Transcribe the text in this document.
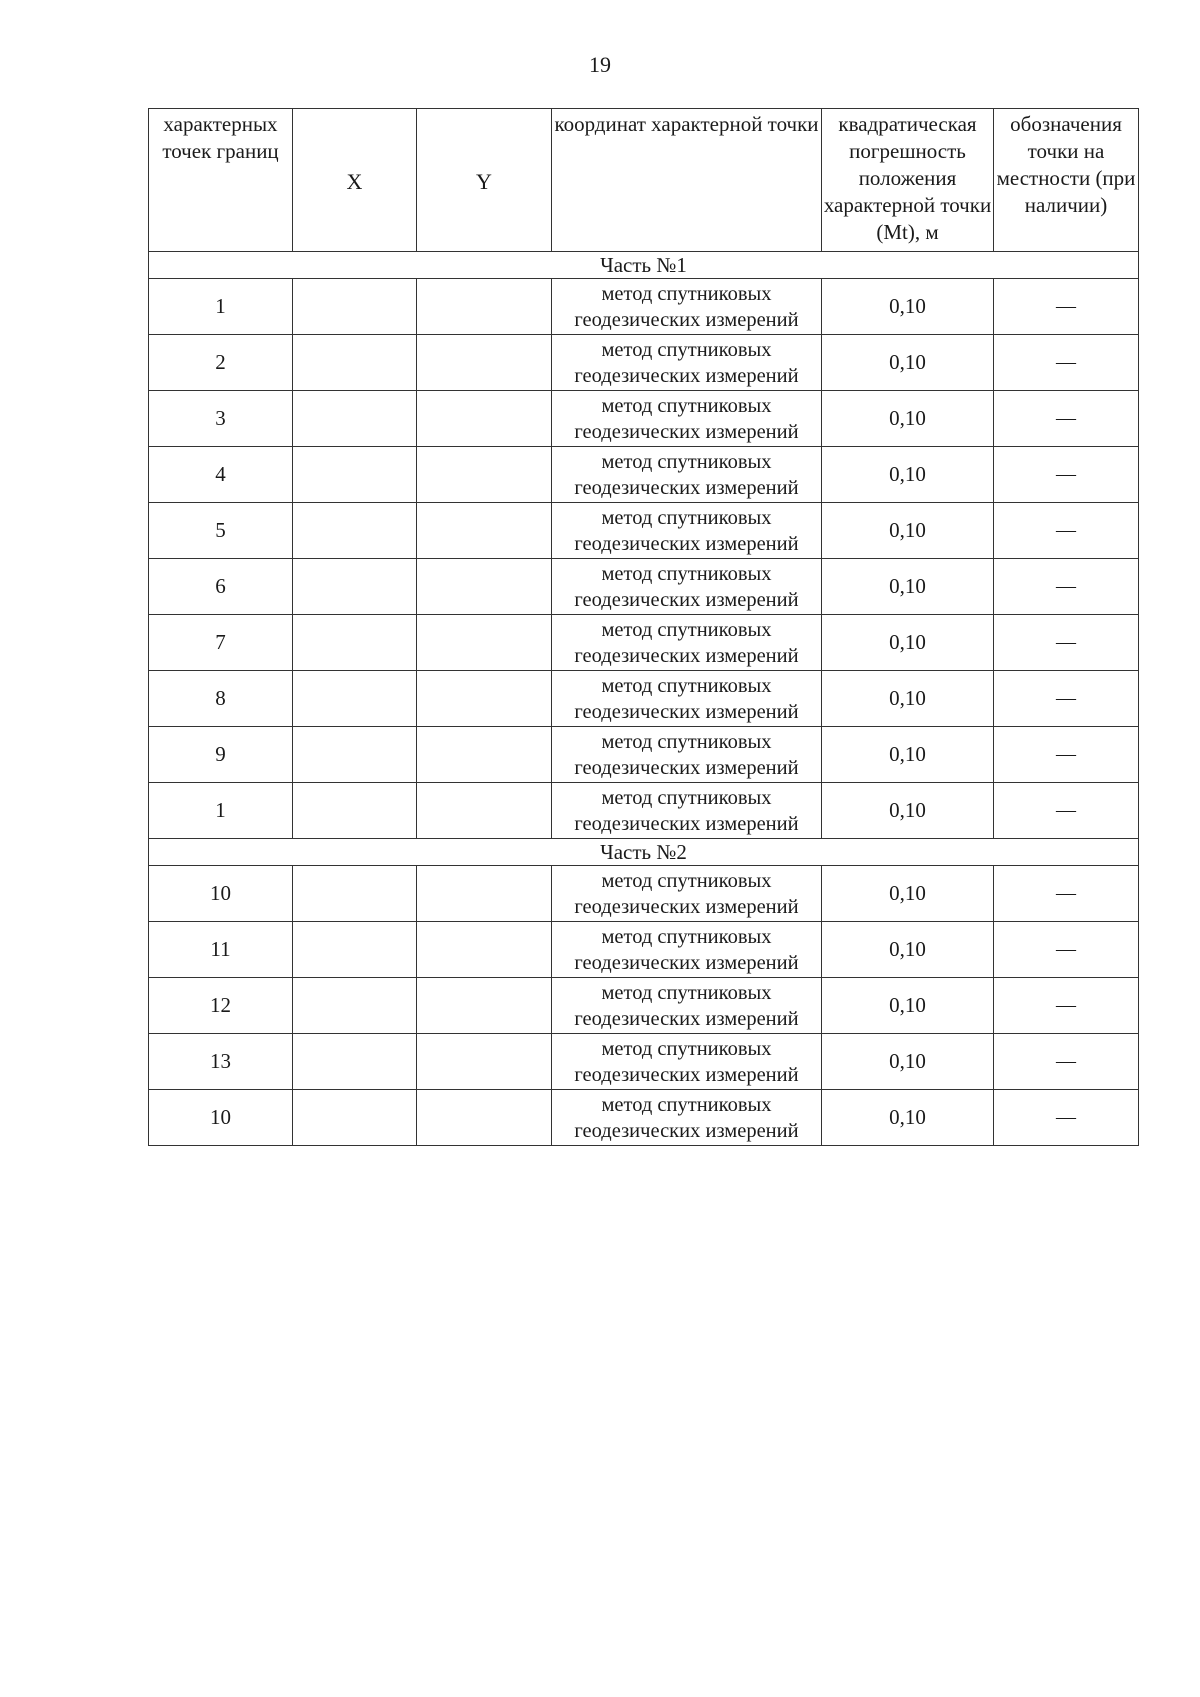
19
характерных точек границ	X	Y	координат характерной точки	квадратическая погрешность положения характерной точки (Mt), м	обозначения точки на местности (при наличии)
Часть №1					
1			метод спутниковых геодезических измерений	0,10	—
2			метод спутниковых геодезических измерений	0,10	—
3			метод спутниковых геодезических измерений	0,10	—
4			метод спутниковых геодезических измерений	0,10	—
5			метод спутниковых геодезических измерений	0,10	—
6			метод спутниковых геодезических измерений	0,10	—
7			метод спутниковых геодезических измерений	0,10	—
8			метод спутниковых геодезических измерений	0,10	—
9			метод спутниковых геодезических измерений	0,10	—
1			метод спутниковых геодезических измерений	0,10	—
Часть №2					
10			метод спутниковых геодезических измерений	0,10	—
11			метод спутниковых геодезических измерений	0,10	—
12			метод спутниковых геодезических измерений	0,10	—
13			метод спутниковых геодезических измерений	0,10	—
10			метод спутниковых геодезических измерений	0,10	—
